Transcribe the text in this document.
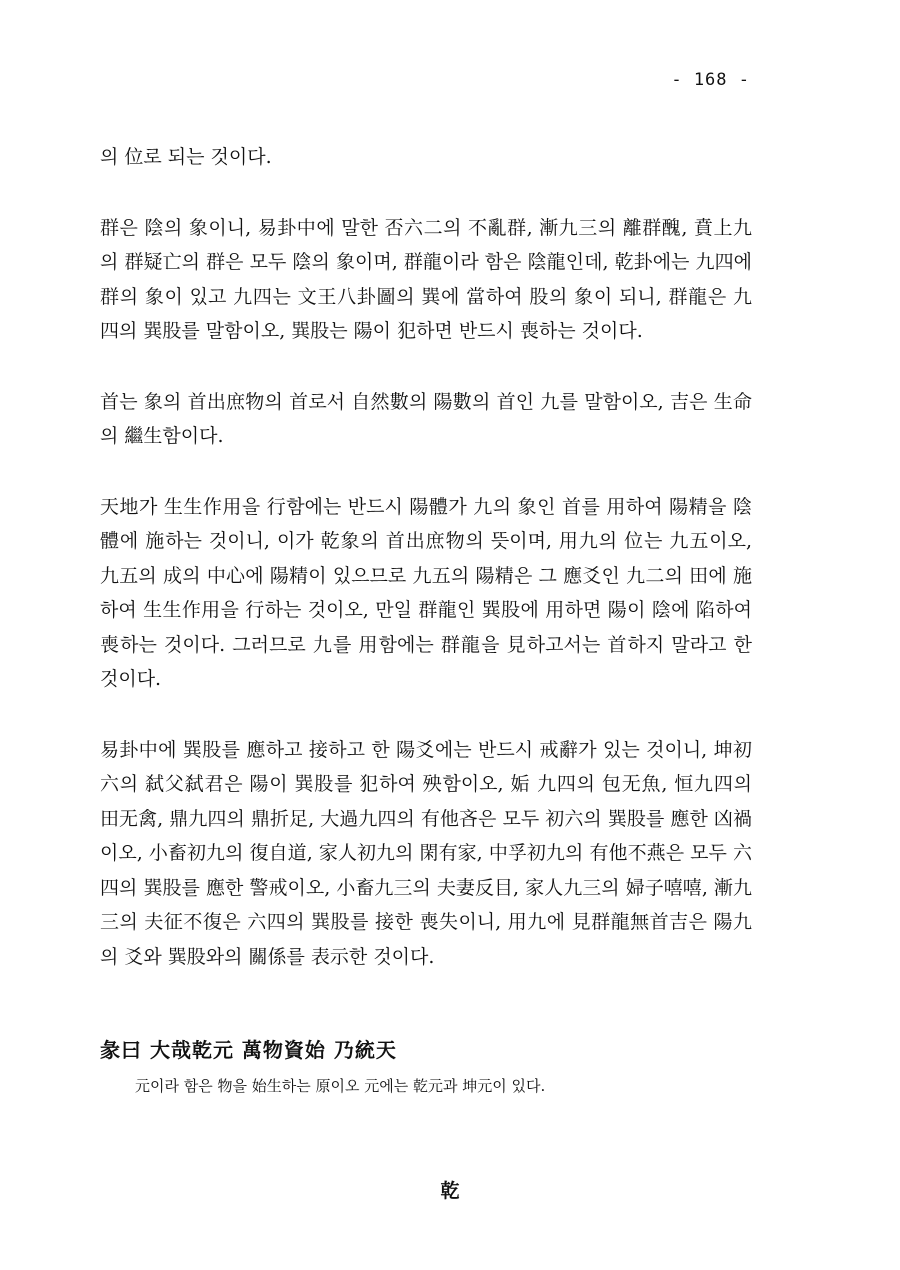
- 168 -

의 位로 되는 것이다.

群은 陰의 象이니, 易卦中에 말한 否六二의 不亂群, 漸九三의 離群醜, 賁上九의 群疑亡의 群은 모두 陰의 象이며, 群龍이라 함은 陰龍인데, 乾卦에는 九四에 群의 象이 있고 九四는 文王八卦圖의 巽에 當하여 股의 象이 되니, 群龍은 九四의 巽股를 말함이오, 巽股는 陽이 犯하면 반드시 喪하는 것이다.

首는 象의 首出庶物의 首로서 自然數의 陽數의 首인 九를 말함이오, 吉은 生命의 繼生함이다.

天地가 生生作用을 行함에는 반드시 陽體가 九의 象인 首를 用하여 陽精을 陰體에 施하는 것이니, 이가 乾象의 首出庶物의 뜻이며, 用九의 位는 九五이오, 九五의 成의 中心에 陽精이 있으므로 九五의 陽精은 그 應爻인 九二의 田에 施하여 生生作用을 行하는 것이오, 만일 群龍인 巽股에 用하면 陽이 陰에 陷하여 喪하는 것이다. 그러므로 九를 用함에는 群龍을 見하고서는 首하지 말라고 한 것이다.

易卦中에 巽股를 應하고 接하고 한 陽爻에는 반드시 戒辭가 있는 것이니, 坤初六의 弑父弑君은 陽이 巽股를 犯하여 殃함이오, 姤 九四의 包无魚, 恒九四의 田无禽, 鼎九四의 鼎折足, 大過九四의 有他吝은 모두 初六의 巽股를 應한 凶禍이오, 小畜初九의 復自道, 家人初九의 閑有家, 中孚初九의 有他不燕은 모두 六四의 巽股를 應한 警戒이오, 小畜九三의 夫妻反目, 家人九三의 婦子嘻嘻, 漸九三의 夫征不復은 六四의 巽股를 接한 喪失이니, 用九에 見群龍無首吉은 陽九의 爻와 巽股와의 關係를 表示한 것이다.

彖曰 大哉乾元 萬物資始 乃統天
元이라 함은 物을 始生하는 原이오 元에는 乾元과 坤元이 있다.
乾
